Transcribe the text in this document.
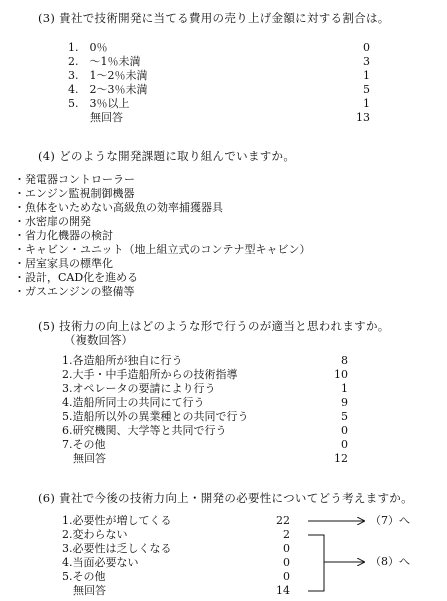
(3) 貴社で技術開発に当てる費用の売り上げ金額に対する割合は。
1.　0％	0
2.　～1％未満	3
3.　1～2％未満	1
4.　2～3％未満	5
5.　3％以上	1
　　無回答	13
(4) どのような開発課題に取り組んでいますか。
・発電器コントローラー
・エンジン監視制御機器
・魚体をいためない高級魚の効率捕獲器具
・水密扉の開発
・省力化機器の検討
・キャビン・ユニット（地上組立式のコンテナ型キャビン）
・居室家具の標準化
・設計，CAD化を進める
・ガスエンジンの整備等
(5) 技術力の向上はどのような形で行うのが適当と思われますか。
（複数回答）
1.各造船所が独自に行う	8
2.大手・中手造船所からの技術指導	10
3.オペレータの要請により行う	1
4.造船所同士の共同にて行う	9
5.造船所以外の異業種との共同で行う	5
6.研究機関、大学等と共同で行う	0
7.その他	0
　無回答	12
(6) 貴社で今後の技術力向上・開発の必要性についてどう考えますか。
1.必要性が増してくる	22
2.変わらない	2
3.必要性は乏しくなる	0
4.当面必要ない	0
5.その他	0
　無回答	14
（7）へ
（8）へ
